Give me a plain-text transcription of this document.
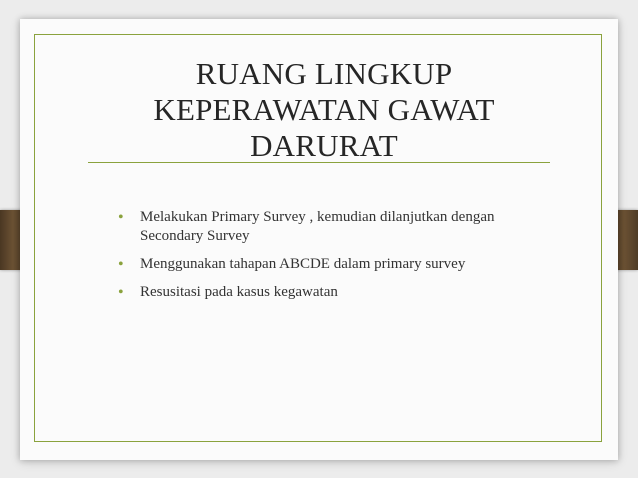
RUANG LINGKUP
KEPERAWATAN GAWAT
DARURAT
• Melakukan Primary Survey , kemudian dilanjutkan dengan Secondary Survey
• Menggunakan tahapan ABCDE dalam primary survey
• Resusitasi pada kasus kegawatan
